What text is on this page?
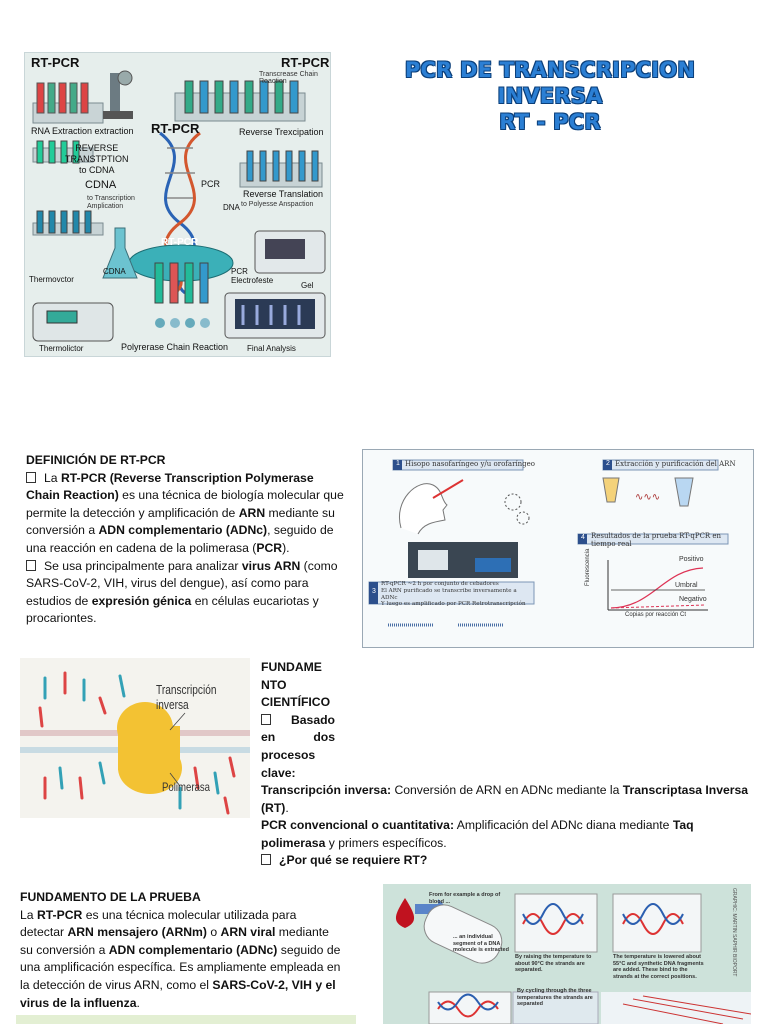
RT-PCR	RT-PCR
Transcrease Chain Reaction
RNA Extraction extraction RT-PCR	Reverse Trexcipation
REVERSE
TRANSTPTION
to CDNA
CDNA
to Transcription
Amplication
PCR
DNA
Reverse Translation
to Polyesse Anspaction
RT-PCR
Thermovctor
CDNA	PCR
Electrofeste
Gel
Thermolictor	Polyrerase Chain Reaction Final Analysis
PCR DE TRANSCRIPCION INVERSA
RT - PCR
DEFINICIÓN DE RT-PCR
La RT-PCR (Reverse Transcription Polymerase Chain Reaction) es una técnica de biología molecular que permite la detección y amplificación de ARN mediante su conversión a ADN complementario (ADNc), seguido de una reacción en cadena de la polimerasa (PCR).
Se usa principalmente para analizar virus ARN (como SARS-CoV-2, VIH, virus del dengue), así como para estudios de expresión génica en células eucariotas y procariontes.
∿∿∿
Hisopo nasofaríngeo y/u orofaríngeo	Extracción y purificación del ARN
Resultados de la prueba RT-qPCR en tiempo real
RT-qPCR ~2 h por conjunto de cebadores
El ARN purificado se transcribe inversamente a ADNc
Y luego es amplificado por PCR Retrotranscripción
Positivo
Umbral
Negativo
Copias por reacción Ct
Fluorescencia
1	2
3
4
Transcripción inversa
Polimerasa
FUNDAME
NTO
CIENTÍFICO
Basado
en	dos
procesos
clave:
Transcripción inversa: Conversión de ARN en ADNc mediante la Transcriptasa Inversa (RT).
PCR convencional o cuantitativa: Amplificación del ADNc diana mediante Taq polimerasa y primers específicos.
¿Por qué se requiere RT?
FUNDAMENTO DE LA PRUEBA
La RT-PCR es una técnica molecular utilizada para detectar ARN mensajero (ARNm) o ARN viral mediante su conversión a ADN complementario (ADNc) seguido de una amplificación específica. Es ampliamente empleada en la detección de virus ARN, como el SARS-CoV-2, VIH y el virus de la influenza.
From for example a drop of blood ...
... an individual segment of a DNA molecule is extracted
By raising the temperature to about 90°C the strands are separated.
The temperature is lowered about 55°C and synthetic DNA fragments are added. These bind to the strands at the correct positions.
By cycling through the three temperatures the strands are separated
GRAPHIC: MARTIN SAPHIR BIOPORT
